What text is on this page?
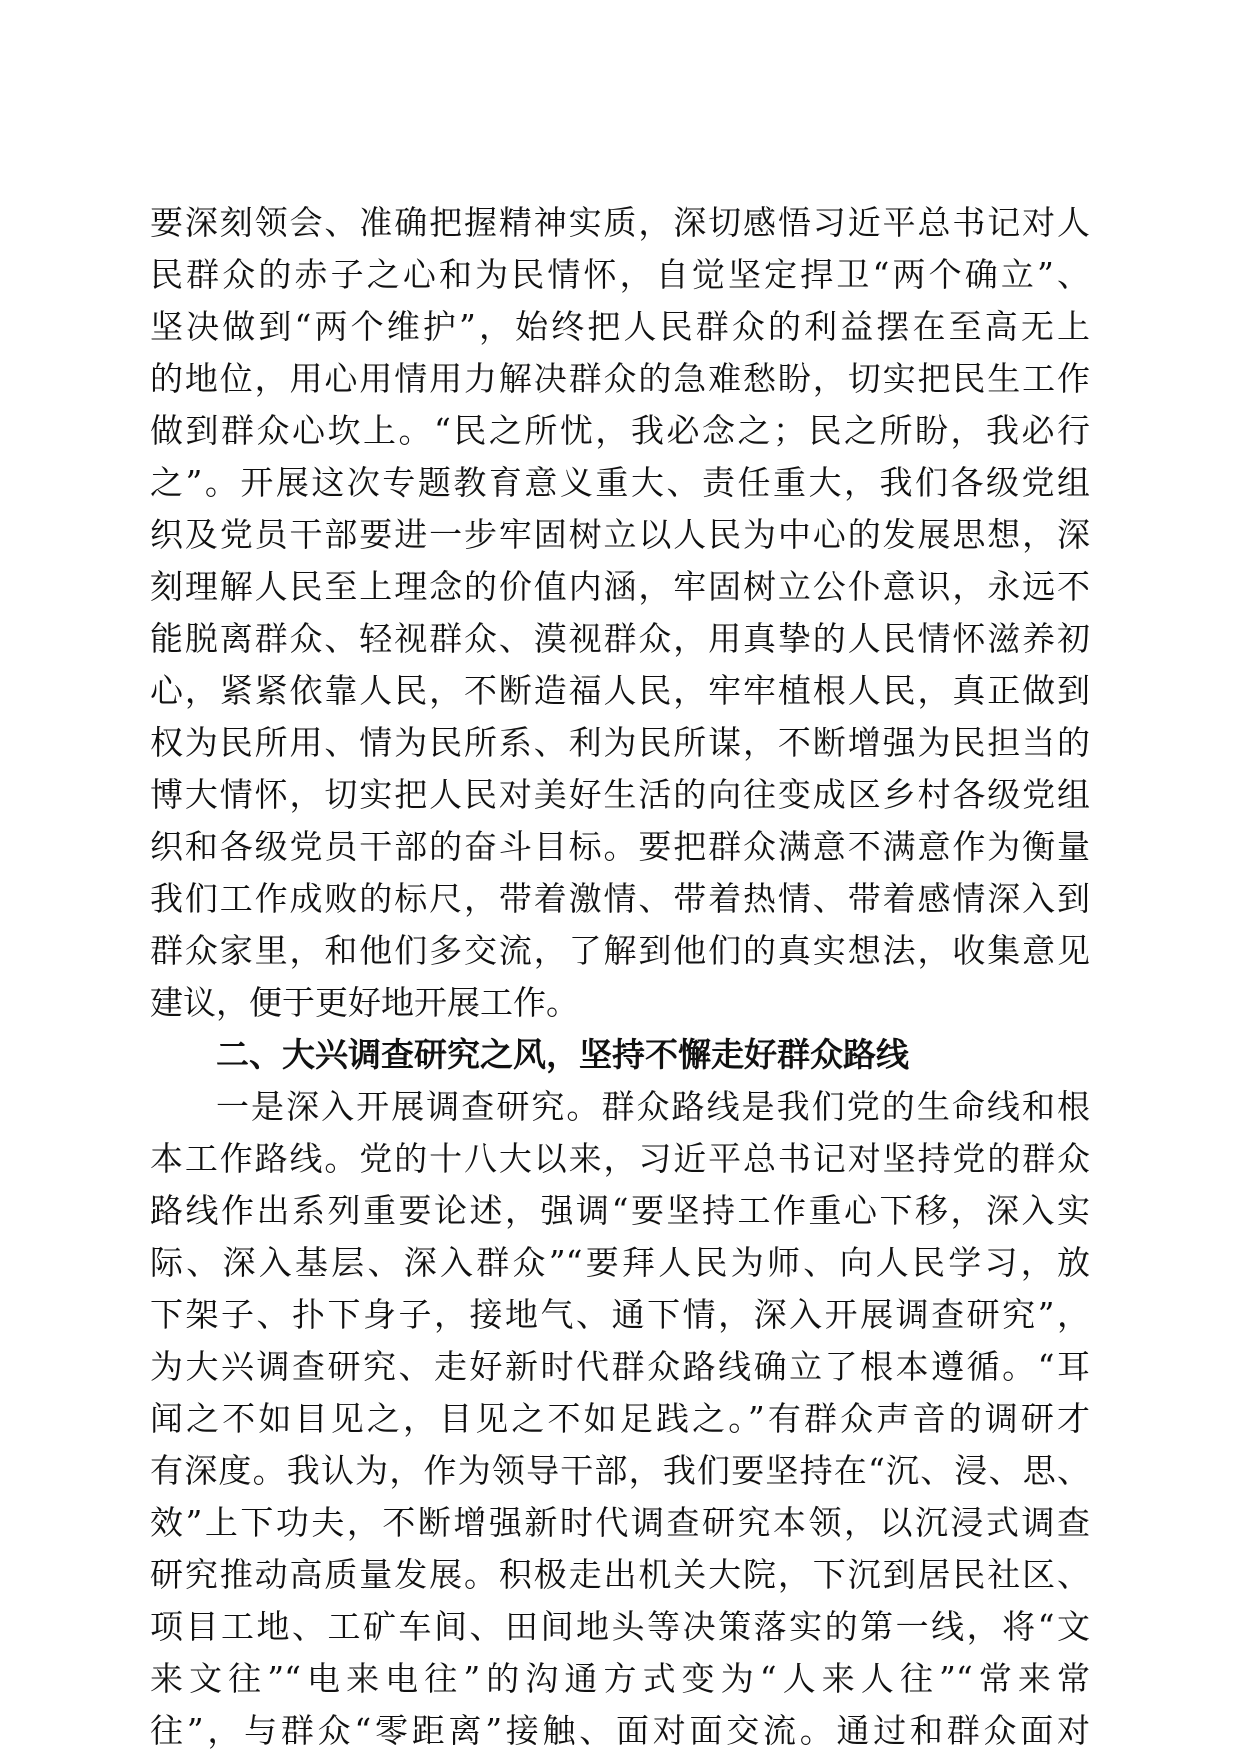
要深刻领会、准确把握精神实质，深切感悟习近平总书记对人
民群众的赤子之心和为民情怀，自觉坚定捍卫“两个确立”、
坚决做到“两个维护”，始终把人民群众的利益摆在至高无上
的地位，用心用情用力解决群众的急难愁盼，切实把民生工作
做到群众心坎上。“民之所忧，我必念之；民之所盼，我必行
之”。开展这次专题教育意义重大、责任重大，我们各级党组
织及党员干部要进一步牢固树立以人民为中心的发展思想，深
刻理解人民至上理念的价值内涵，牢固树立公仆意识，永远不
能脱离群众、轻视群众、漠视群众，用真挚的人民情怀滋养初
心，紧紧依靠人民，不断造福人民，牢牢植根人民，真正做到
权为民所用、情为民所系、利为民所谋，不断增强为民担当的
博大情怀，切实把人民对美好生活的向往变成区乡村各级党组
织和各级党员干部的奋斗目标。要把群众满意不满意作为衡量
我们工作成败的标尺，带着激情、带着热情、带着感情深入到
群众家里，和他们多交流，了解到他们的真实想法，收集意见
建议，便于更好地开展工作。
二、大兴调查研究之风，坚持不懈走好群众路线
一是深入开展调查研究。群众路线是我们党的生命线和根
本工作路线。党的十八大以来，习近平总书记对坚持党的群众
路线作出系列重要论述，强调“要坚持工作重心下移，深入实
际、深入基层、深入群众”“要拜人民为师、向人民学习，放
下架子、扑下身子，接地气、通下情，深入开展调查研究”，
为大兴调查研究、走好新时代群众路线确立了根本遵循。“耳
闻之不如目见之，目见之不如足践之。”有群众声音的调研才
有深度。我认为，作为领导干部，我们要坚持在“沉、浸、思、
效”上下功夫，不断增强新时代调查研究本领，以沉浸式调查
研究推动高质量发展。积极走出机关大院，下沉到居民社区、
项目工地、工矿车间、田间地头等决策落实的第一线，将“文
来文往”“电来电往”的沟通方式变为“人来人往”“常来常
往”，与群众“零距离”接触、面对面交流。通过和群众面对
